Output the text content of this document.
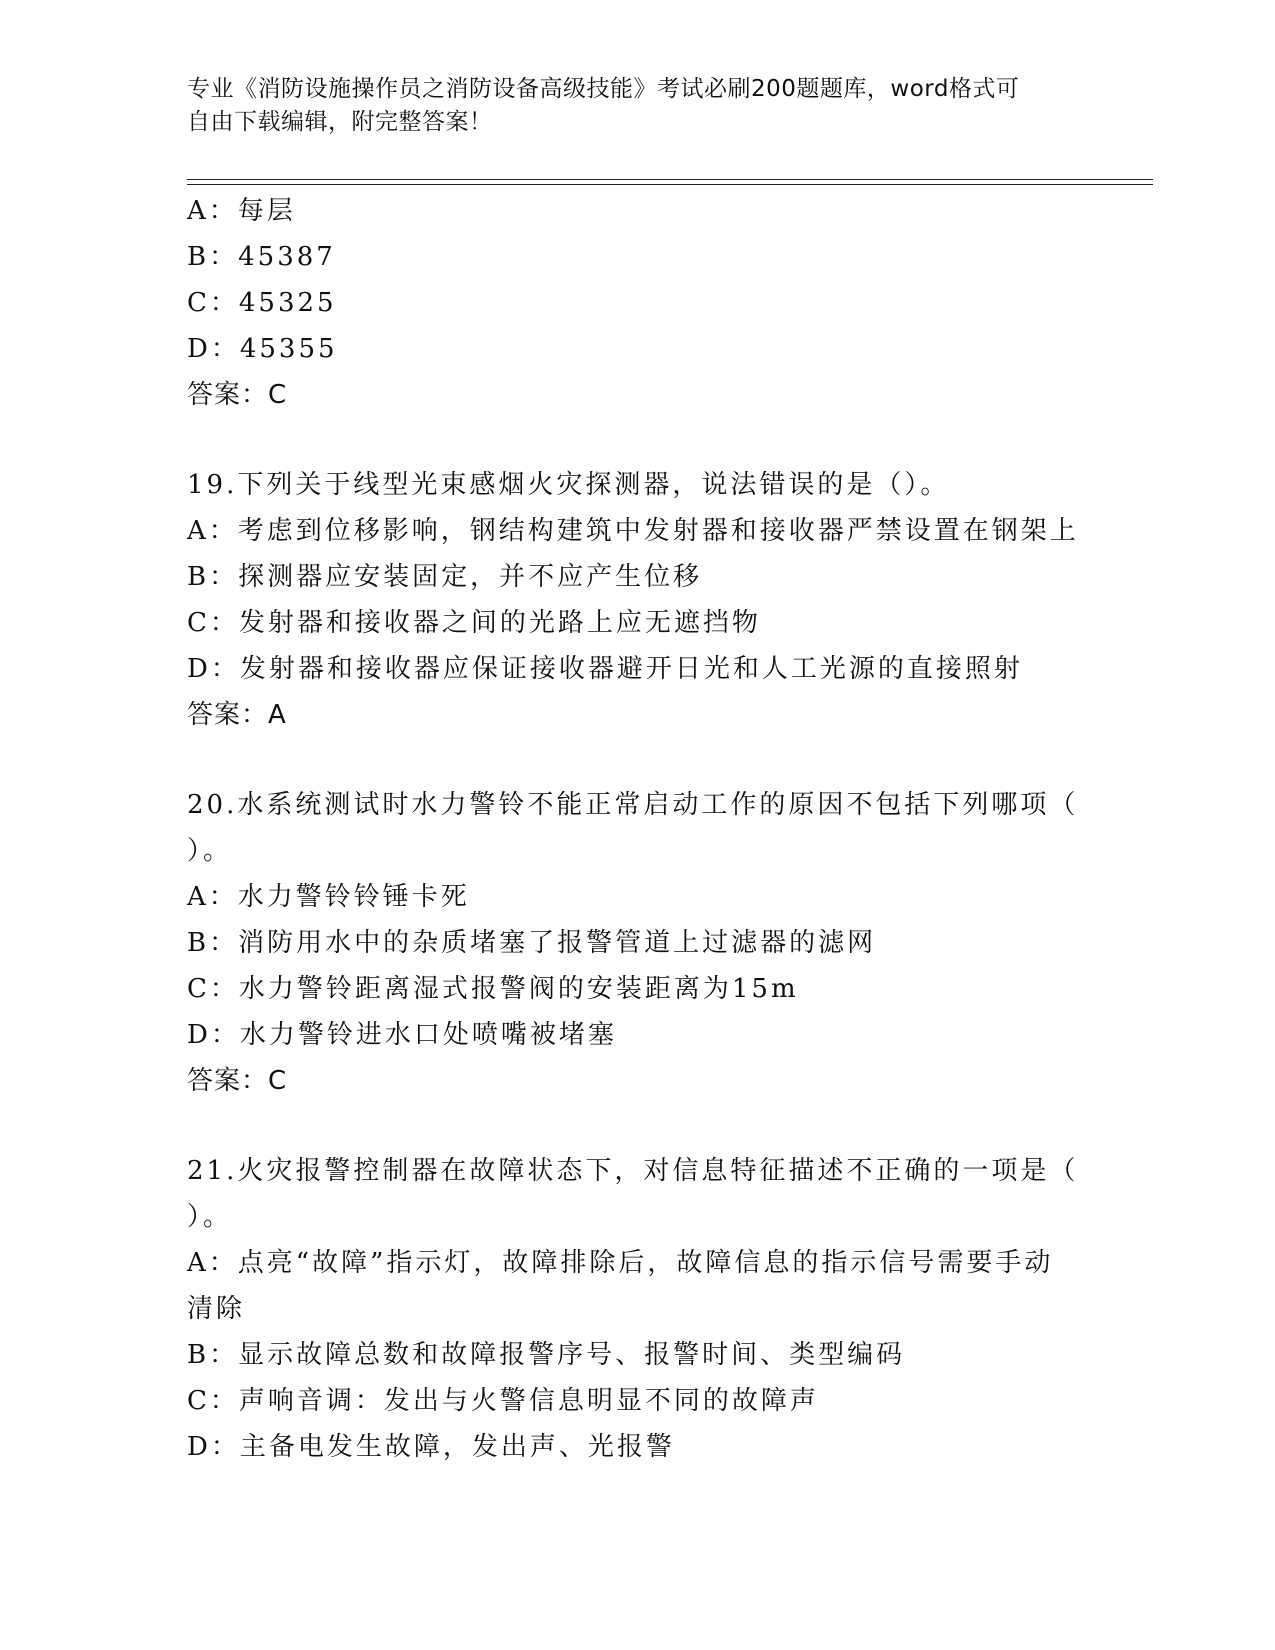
专业《消防设施操作员之消防设备高级技能》考试必刷200题题库，word格式可
自由下载编辑，附完整答案！
A：每层
B：45387
C：45325
D：45355
答案：C
19.下列关于线型光束感烟火灾探测器，说法错误的是（）。
A：考虑到位移影响，钢结构建筑中发射器和接收器严禁设置在钢架上
B：探测器应安装固定，并不应产生位移
C：发射器和接收器之间的光路上应无遮挡物
D：发射器和接收器应保证接收器避开日光和人工光源的直接照射
答案：A
20.水系统测试时水力警铃不能正常启动工作的原因不包括下列哪项（
）。
A：水力警铃铃锤卡死
B：消防用水中的杂质堵塞了报警管道上过滤器的滤网
C：水力警铃距离湿式报警阀的安装距离为15m
D：水力警铃进水口处喷嘴被堵塞
答案：C
21.火灾报警控制器在故障状态下，对信息特征描述不正确的一项是（
）。
A：点亮“故障”指示灯，故障排除后，故障信息的指示信号需要手动
清除
B：显示故障总数和故障报警序号、报警时间、类型编码
C：声响音调：发出与火警信息明显不同的故障声
D：主备电发生故障，发出声、光报警
